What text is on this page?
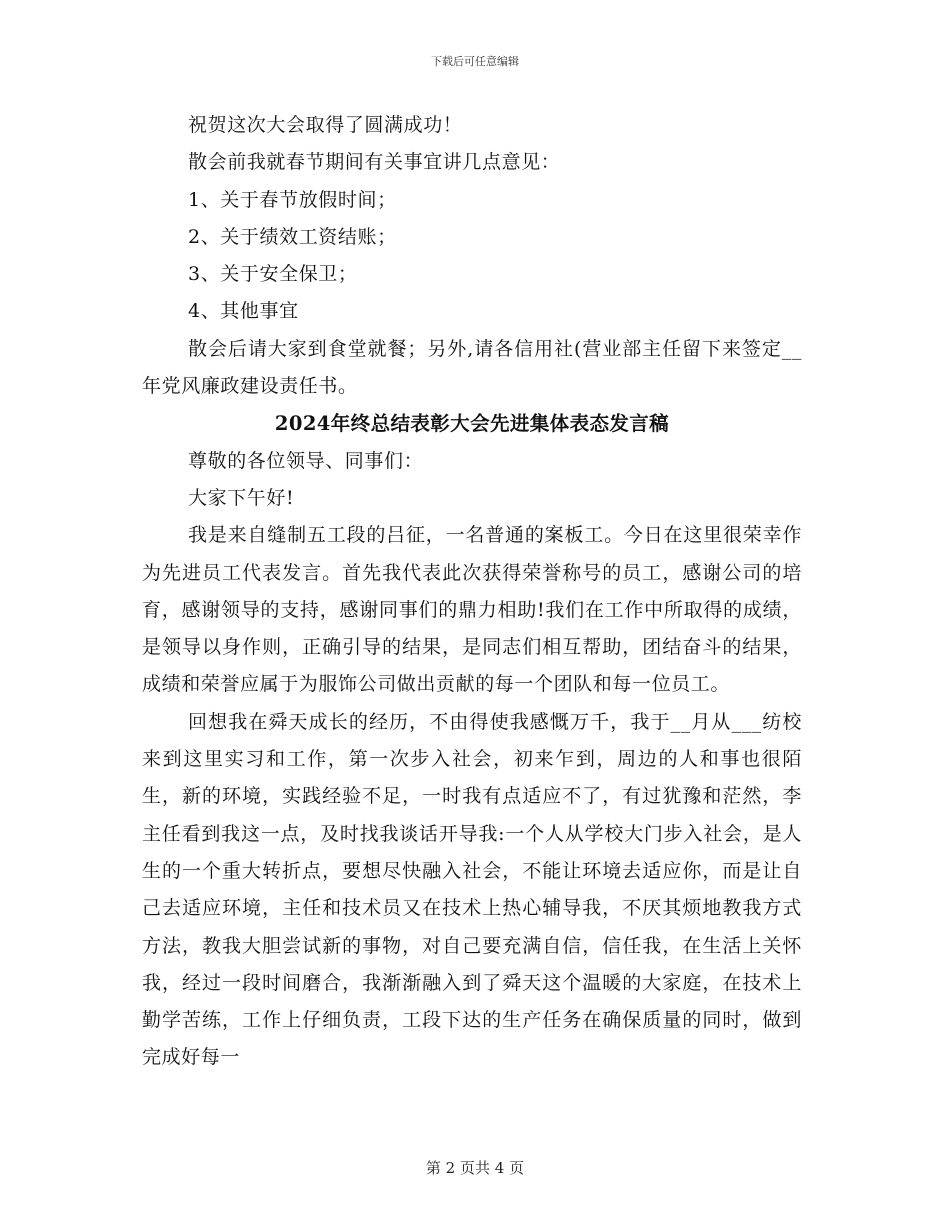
下载后可任意编辑

祝贺这次大会取得了圆满成功！

散会前我就春节期间有关事宜讲几点意见：

1、关于春节放假时间；

2、关于绩效工资结账；

3、关于安全保卫；

4、其他事宜

散会后请大家到食堂就餐；另外,请各信用社(营业部主任留下来签定__年党风廉政建设责任书。

2024年终总结表彰大会先进集体表态发言稿

尊敬的各位领导、同事们：

大家下午好!

我是来自缝制五工段的吕征，一名普通的案板工。今日在这里很荣幸作为先进员工代表发言。首先我代表此次获得荣誉称号的员工，感谢公司的培育，感谢领导的支持，感谢同事们的鼎力相助!我们在工作中所取得的成绩，是领导以身作则，正确引导的结果，是同志们相互帮助，团结奋斗的结果，成绩和荣誉应属于为服饰公司做出贡献的每一个团队和每一位员工。

回想我在舜天成长的经历，不由得使我感慨万千，我于__月从___纺校来到这里实习和工作，第一次步入社会，初来乍到，周边的人和事也很陌生，新的环境，实践经验不足，一时我有点适应不了，有过犹豫和茫然，李主任看到我这一点，及时找我谈话开导我:一个人从学校大门步入社会，是人生的一个重大转折点，要想尽快融入社会，不能让环境去适应你，而是让自己去适应环境，主任和技术员又在技术上热心辅导我，不厌其烦地教我方式方法，教我大胆尝试新的事物，对自己要充满自信，信任我，在生活上关怀我，经过一段时间磨合，我渐渐融入到了舜天这个温暖的大家庭，在技术上勤学苦练，工作上仔细负责，工段下达的生产任务在确保质量的同时，做到完成好每一

第 2 页共 4 页
